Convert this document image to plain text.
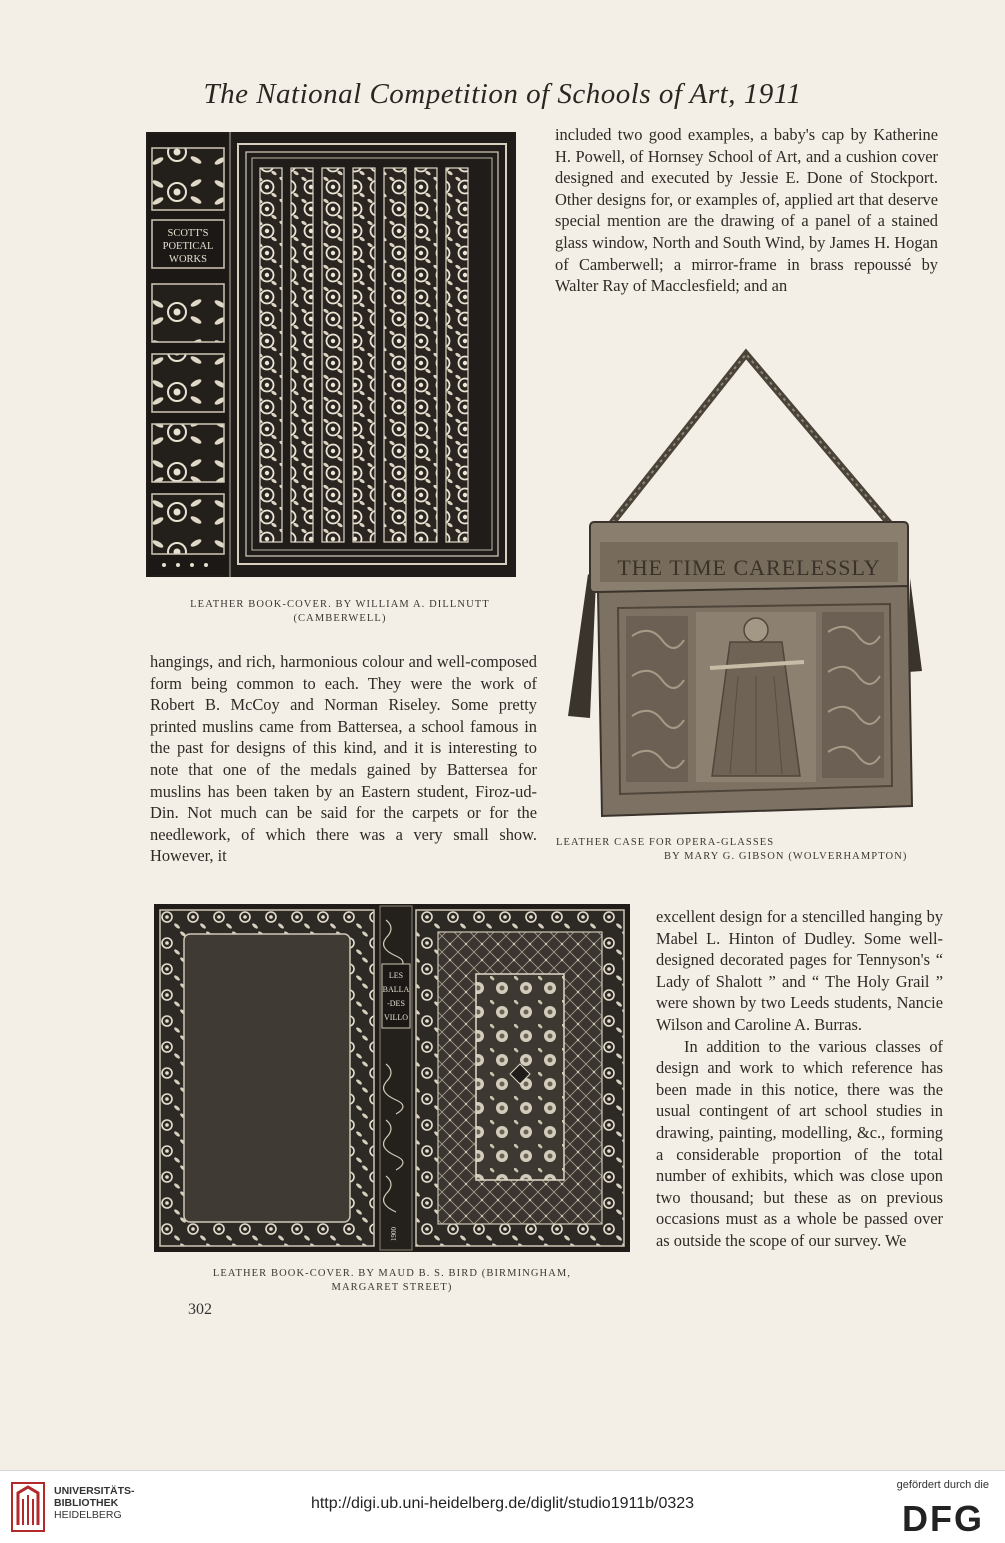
The National Competition of Schools of Art, 1911
SCOTT'S
POETICAL
WORKS
LEATHER BOOK-COVER. BY WILLIAM A. DILLNUTT
(CAMBERWELL)

included two good examples, a baby's cap by Katherine H. Powell, of Hornsey School of Art, and a cushion cover designed and executed by Jessie E. Done of Stockport. Other designs for, or examples of, applied art that deserve special mention are the drawing of a panel of a stained glass window, North and South Wind, by James H. Hogan of Camberwell; a mirror-frame in brass repoussé by Walter Ray of Macclesfield; and an

THE TIME CARELESSLY
LEATHER CASE FOR OPERA-GLASSES
BY MARY G. GIBSON (WOLVERHAMPTON)

hangings, and rich, harmonious colour and well-composed form being common to each. They were the work of Robert B. McCoy and Norman Riseley. Some pretty printed muslins came from Battersea, a school famous in the past for designs of this kind, and it is interesting to note that one of the medals gained by Battersea for muslins has been taken by an Eastern student, Firoz-ud-Din. Not much can be said for the carpets or for the needlework, of which there was a very small show. However, it

LES
BALLA
-DES
VILLO
1900
LEATHER BOOK-COVER. BY MAUD B. S. BIRD (BIRMINGHAM,
MARGARET STREET)

excellent design for a stencilled hanging by Mabel L. Hinton of Dudley. Some well-designed decorated pages for Tennyson's “ Lady of Shalott ” and “ The Holy Grail ” were shown by two Leeds students, Nancie Wilson and Caroline A. Burras.

In addition to the various classes of design and work to which reference has been made in this notice, there was the usual contingent of art school studies in drawing, painting, modelling, &c., forming a considerable proportion of the total number of exhibits, which was close upon two thousand; but these as on previous occasions must as a whole be passed over as outside the scope of our survey. We

302
UNIVERSITÄTS-
BIBLIOTHEK
HEIDELBERG
http://digi.ub.uni-heidelberg.de/diglit/studio1911b/0323
gefördert durch die
DFG
